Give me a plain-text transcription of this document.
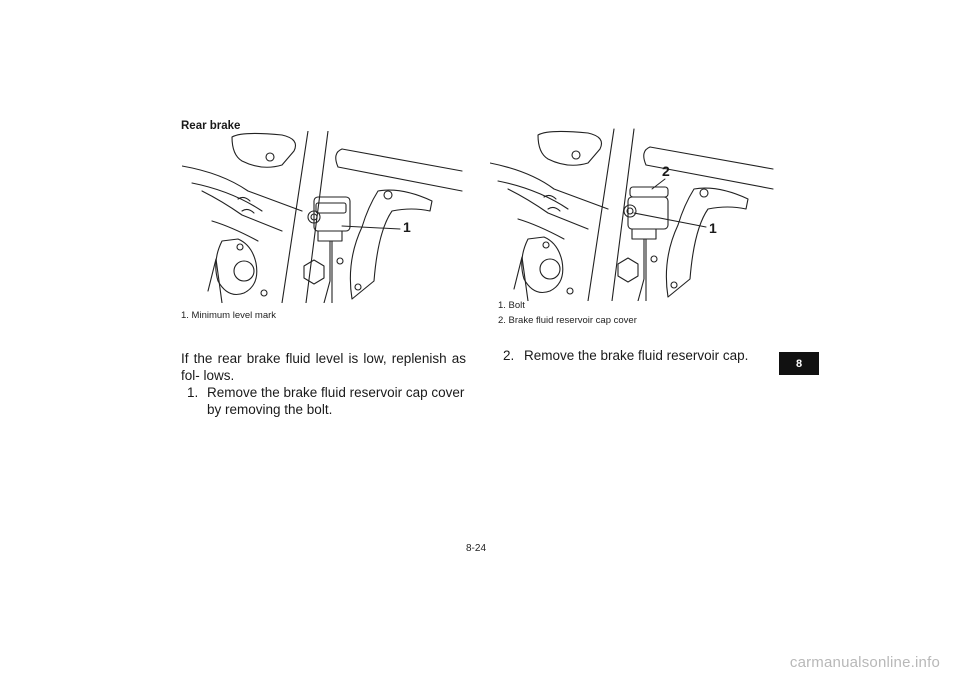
Rear brake
1
1. Minimum level mark
2
1
1. Bolt
2. Brake fluid reservoir cap cover
If the rear brake fluid level is low, replenish as fol- lows.
1. Remove the brake fluid reservoir cap cover by removing the bolt.
2. Remove the brake fluid reservoir cap.
8
8-24
carmanualsonline.info
